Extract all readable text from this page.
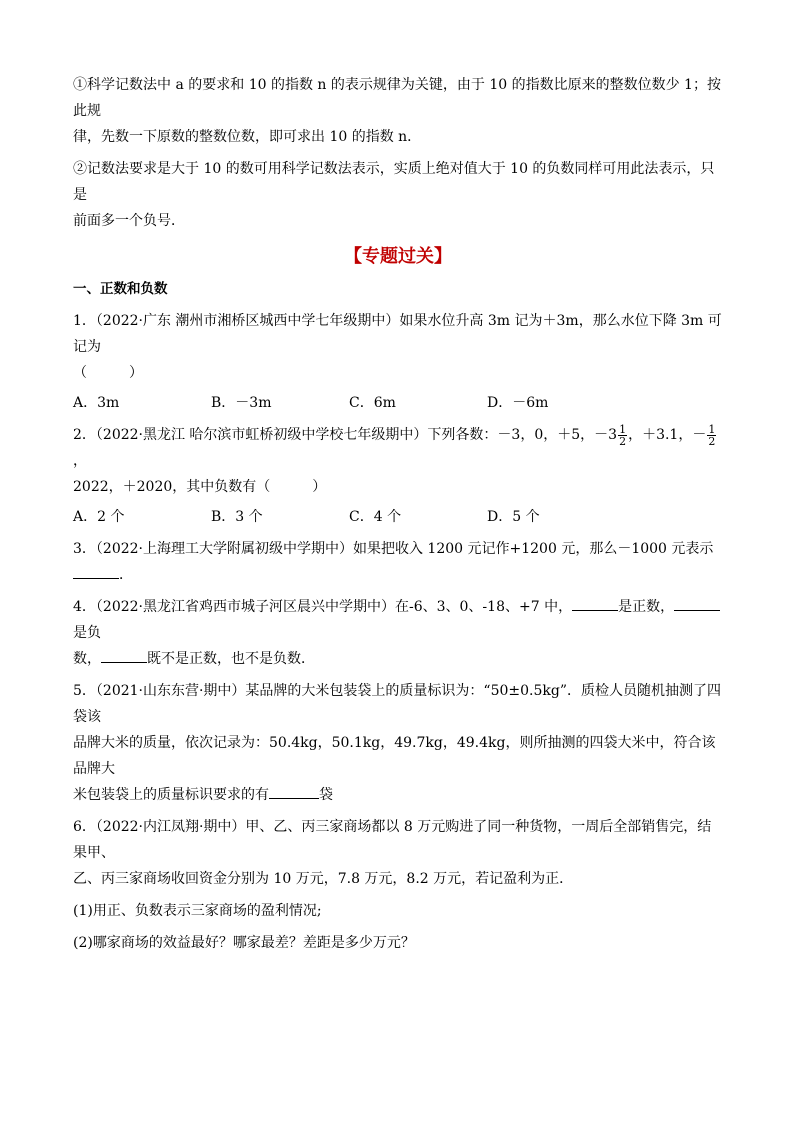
①科学记数法中 a 的要求和 10 的指数 n 的表示规律为关键，由于 10 的指数比原来的整数位数少 1；按此规

律，先数一下原数的整数位数，即可求出 10 的指数 n．

②记数法要求是大于 10 的数可用科学记数法表示，实质上绝对值大于 10 的负数同样可用此法表示，只是

前面多一个负号．

【专题过关】
一、正数和负数

1．（2022·广东 潮州市湘桥区城西中学七年级期中）如果水位升高 3m 记为＋3m，那么水位下降 3m 可记为

（	）

A．3m	B．－3m	C．6m	D．－6m

2．（2022·黑龙江 哈尔滨市虹桥初级中学校七年级期中）下列各数：－3，0，＋5，$-3 \frac{1}{2}$ ，＋3.1，－ $\frac{1}{2}$
，

2022，＋2020，其中负数有（	）

A．2 个	B．3 个	C．4 个	D．5 个

3．（2022·上海理工大学附属初级中学期中）如果把收入 1200 元记作+1200 元，那么－1000 元表示

．

4．（2022·黑龙江省鸡西市城子河区晨兴中学期中）在-6、3、0、-18、+7 中，	是正数，是负

数，	既不是正数，也不是负数．

5．（2021·山东东营·期中）某品牌的大米包装袋上的质量标识为：“50±0.5kg”．质检人员随机抽测了四袋该

品牌大米的质量，依次记录为：50.4kg，50.1kg，49.7kg，49.4kg，则所抽测的四袋大米中，符合该品牌大

米包装袋上的质量标识要求的有	袋

6．（2022·内江凤翔·期中）甲、乙、丙三家商场都以 8 万元购进了同一种货物，一周后全部销售完，结果甲、

乙、丙三家商场收回资金分别为 10 万元，7.8 万元，8.2 万元，若记盈利为正．

(1)用正、负数表示三家商场的盈利情况;

(2)哪家商场的效益最好？哪家最差？差距是多少万元？
